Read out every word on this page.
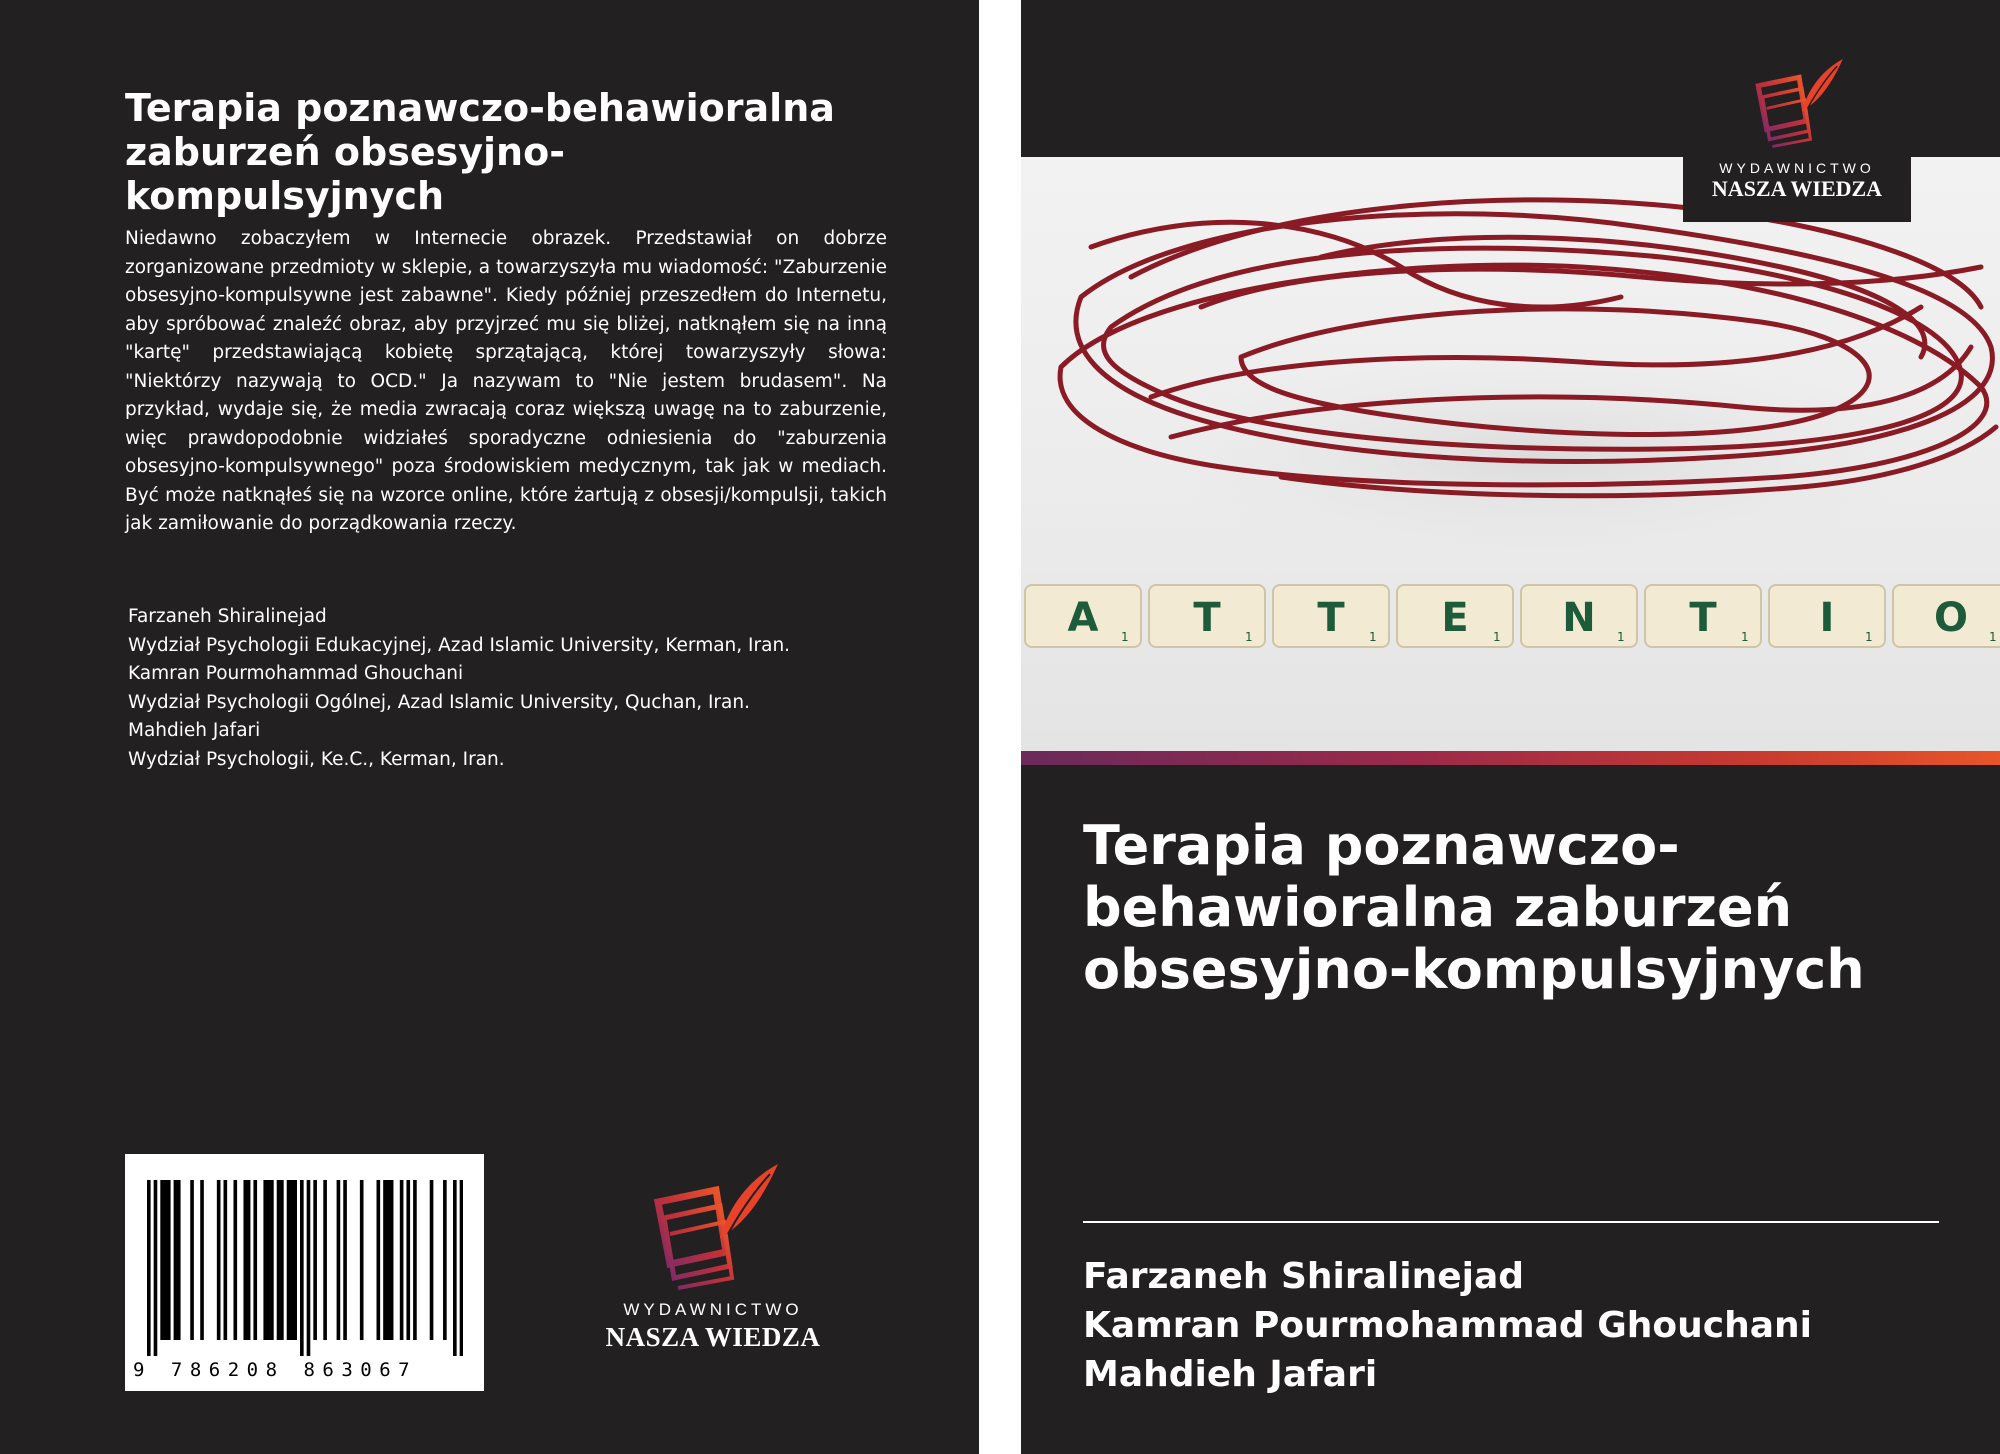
Terapia poznawczo-behawioralna
zaburzeń obsesyjno-
kompulsyjnych

Niedawno zobaczyłem w Internecie obrazek. Przedstawiał on dobrze zorganizowane przedmioty w sklepie, a towarzyszyła mu wiadomość: "Zaburzenie obsesyjno-kompulsywne jest zabawne". Kiedy później przeszedłem do Internetu, aby spróbować znaleźć obraz, aby przyjrzeć mu się bliżej, natknąłem się na inną "kartę" przedstawiającą kobietę sprzątającą, której towarzyszyły słowa: "Niektórzy nazywają to OCD." Ja nazywam to "Nie jestem brudasem". Na przykład, wydaje się, że media zwracają coraz większą uwagę na to zaburzenie, więc prawdopodobnie widziałeś sporadyczne odniesienia do "zaburzenia obsesyjno-kompulsywnego" poza środowiskiem medycznym, tak jak w mediach. Być może natknąłeś się na wzorce online, które żartują z obsesji/kompulsji, takich jak zamiłowanie do porządkowania rzeczy.

Farzaneh Shiralinejad
Wydział Psychologii Edukacyjnej, Azad Islamic University, Kerman, Iran.
Kamran Pourmohammad Ghouchani
Wydział Psychologii Ogólnej, Azad Islamic University, Quchan, Iran.
Mahdieh Jafari
Wydział Psychologii, Ke.C., Kerman, Iran.
9 786208 863067
WYDAWNICTWO
NASZA WIEDZA
A 1 T 1 T 1 E 1 N 1 T 1 I	1 O 1
WYDAWNICTWO
NASZA WIEDZA
Terapia poznawczo-
behawioralna zaburzeń
obsesyjno-kompulsyjnych
Farzaneh Shiralinejad
Kamran Pourmohammad Ghouchani
Mahdieh Jafari
